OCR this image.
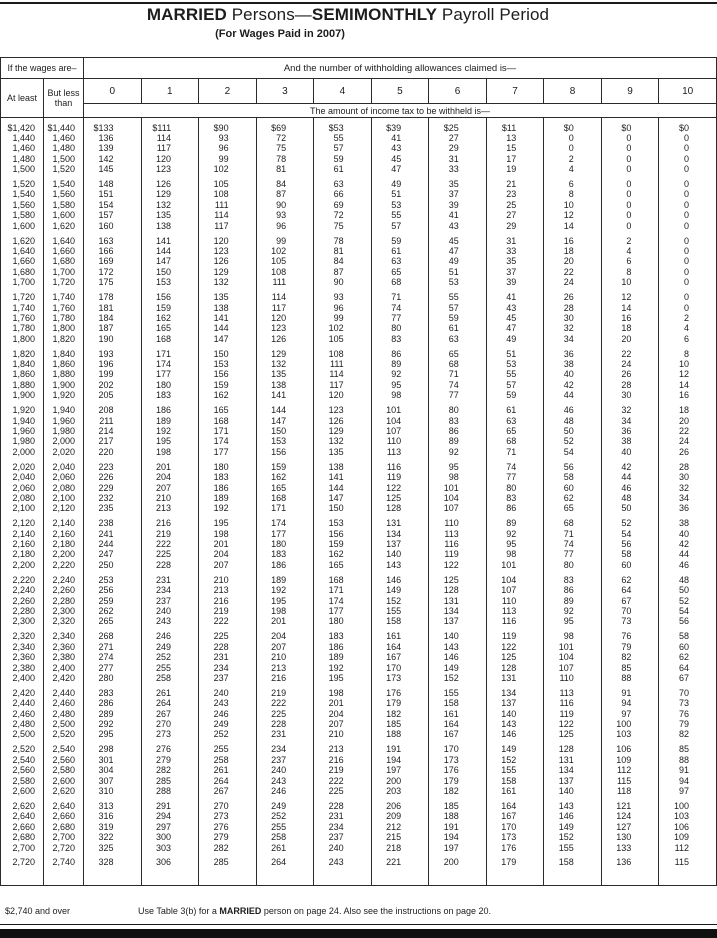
MARRIED Persons—SEMIMONTHLY Payroll Period
(For Wages Paid in 2007)
If the wages are–		And the number of withholding allowances claimed is—										
At least	But less than	0	1	2	3	4	5	6	7	8	9	10
		The amount of income tax to be withheld is—										
$1,420	$1,440	$133	$111	$90	$69	$53	$39	$25	$11	$0	$0	$0
1,440	1,460	136	114	93	72	55	41	27	13	0	0	0
1,460	1,480	139	117	96	75	57	43	29	15	0	0	0
1,480	1,500	142	120	99	78	59	45	31	17	2	0	0
1,500	1,520	145	123	102	81	61	47	33	19	4	0	0
1,520	1,540	148	126	105	84	63	49	35	21	6	0	0
1,540	1,560	151	129	108	87	66	51	37	23	8	0	0
1,560	1,580	154	132	111	90	69	53	39	25	10	0	0
1,580	1,600	157	135	114	93	72	55	41	27	12	0	0
1,600	1,620	160	138	117	96	75	57	43	29	14	0	0
1,620	1,640	163	141	120	99	78	59	45	31	16	2	0
1,640	1,660	166	144	123	102	81	61	47	33	18	4	0
1,660	1,680	169	147	126	105	84	63	49	35	20	6	0
1,680	1,700	172	150	129	108	87	65	51	37	22	8	0
1,700	1,720	175	153	132	111	90	68	53	39	24	10	0
1,720	1,740	178	156	135	114	93	71	55	41	26	12	0
1,740	1,760	181	159	138	117	96	74	57	43	28	14	0
1,760	1,780	184	162	141	120	99	77	59	45	30	16	2
1,780	1,800	187	165	144	123	102	80	61	47	32	18	4
1,800	1,820	190	168	147	126	105	83	63	49	34	20	6
1,820	1,840	193	171	150	129	108	86	65	51	36	22	8
1,840	1,860	196	174	153	132	111	89	68	53	38	24	10
1,860	1,880	199	177	156	135	114	92	71	55	40	26	12
1,880	1,900	202	180	159	138	117	95	74	57	42	28	14
1,900	1,920	205	183	162	141	120	98	77	59	44	30	16
1,920	1,940	208	186	165	144	123	101	80	61	46	32	18
1,940	1,960	211	189	168	147	126	104	83	63	48	34	20
1,960	1,980	214	192	171	150	129	107	86	65	50	36	22
1,980	2,000	217	195	174	153	132	110	89	68	52	38	24
2,000	2,020	220	198	177	156	135	113	92	71	54	40	26
2,020	2,040	223	201	180	159	138	116	95	74	56	42	28
2,040	2,060	226	204	183	162	141	119	98	77	58	44	30
2,060	2,080	229	207	186	165	144	122	101	80	60	46	32
2,080	2,100	232	210	189	168	147	125	104	83	62	48	34
2,100	2,120	235	213	192	171	150	128	107	86	65	50	36
2,120	2,140	238	216	195	174	153	131	110	89	68	52	38
2,140	2,160	241	219	198	177	156	134	113	92	71	54	40
2,160	2,180	244	222	201	180	159	137	116	95	74	56	42
2,180	2,200	247	225	204	183	162	140	119	98	77	58	44
2,200	2,220	250	228	207	186	165	143	122	101	80	60	46
2,220	2,240	253	231	210	189	168	146	125	104	83	62	48
2,240	2,260	256	234	213	192	171	149	128	107	86	64	50
2,260	2,280	259	237	216	195	174	152	131	110	89	67	52
2,280	2,300	262	240	219	198	177	155	134	113	92	70	54
2,300	2,320	265	243	222	201	180	158	137	116	95	73	56
2,320	2,340	268	246	225	204	183	161	140	119	98	76	58
2,340	2,360	271	249	228	207	186	164	143	122	101	79	60
2,360	2,380	274	252	231	210	189	167	146	125	104	82	62
2,380	2,400	277	255	234	213	192	170	149	128	107	85	64
2,400	2,420	280	258	237	216	195	173	152	131	110	88	67
2,420	2,440	283	261	240	219	198	176	155	134	113	91	70
2,440	2,460	286	264	243	222	201	179	158	137	116	94	73
2,460	2,480	289	267	246	225	204	182	161	140	119	97	76
2,480	2,500	292	270	249	228	207	185	164	143	122	100	79
2,500	2,520	295	273	252	231	210	188	167	146	125	103	82
2,520	2,540	298	276	255	234	213	191	170	149	128	106	85
2,540	2,560	301	279	258	237	216	194	173	152	131	109	88
2,560	2,580	304	282	261	240	219	197	176	155	134	112	91
2,580	2,600	307	285	264	243	222	200	179	158	137	115	94
2,600	2,620	310	288	267	246	225	203	182	161	140	118	97
2,620	2,640	313	291	270	249	228	206	185	164	143	121	100
2,640	2,660	316	294	273	252	231	209	188	167	146	124	103
2,660	2,680	319	297	276	255	234	212	191	170	149	127	106
2,680	2,700	322	300	279	258	237	215	194	173	152	130	109
2,700	2,720	325	303	282	261	240	218	197	176	155	133	112
2,720	2,740	328	306	285	264	243	221	200	179	158	136	115

$2,740 and over	Use Table 3(b) for a MARRIED person on page 24. Also see the instructions on page 20.
